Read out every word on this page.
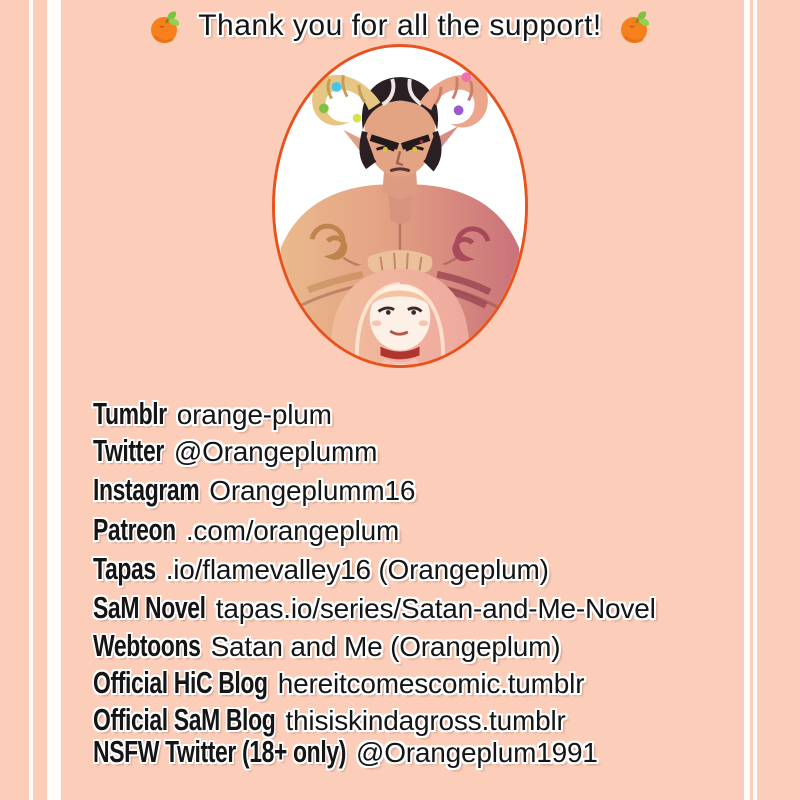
Thank you for all the support!
Tumblr orange-plum
Twitter @Orangeplumm
Instagram Orangeplumm16
Patreon .com/orangeplum
Tapas .io/flamevalley16 (Orangeplum)
SaM Novel tapas.io/series/Satan-and-Me-Novel
Webtoons Satan and Me (Orangeplum)
Official HiC Blog hereitcomescomic.tumblr
Official SaM Blog thisiskindagross.tumblr
NSFW Twitter (18+ only) @Orangeplum1991
